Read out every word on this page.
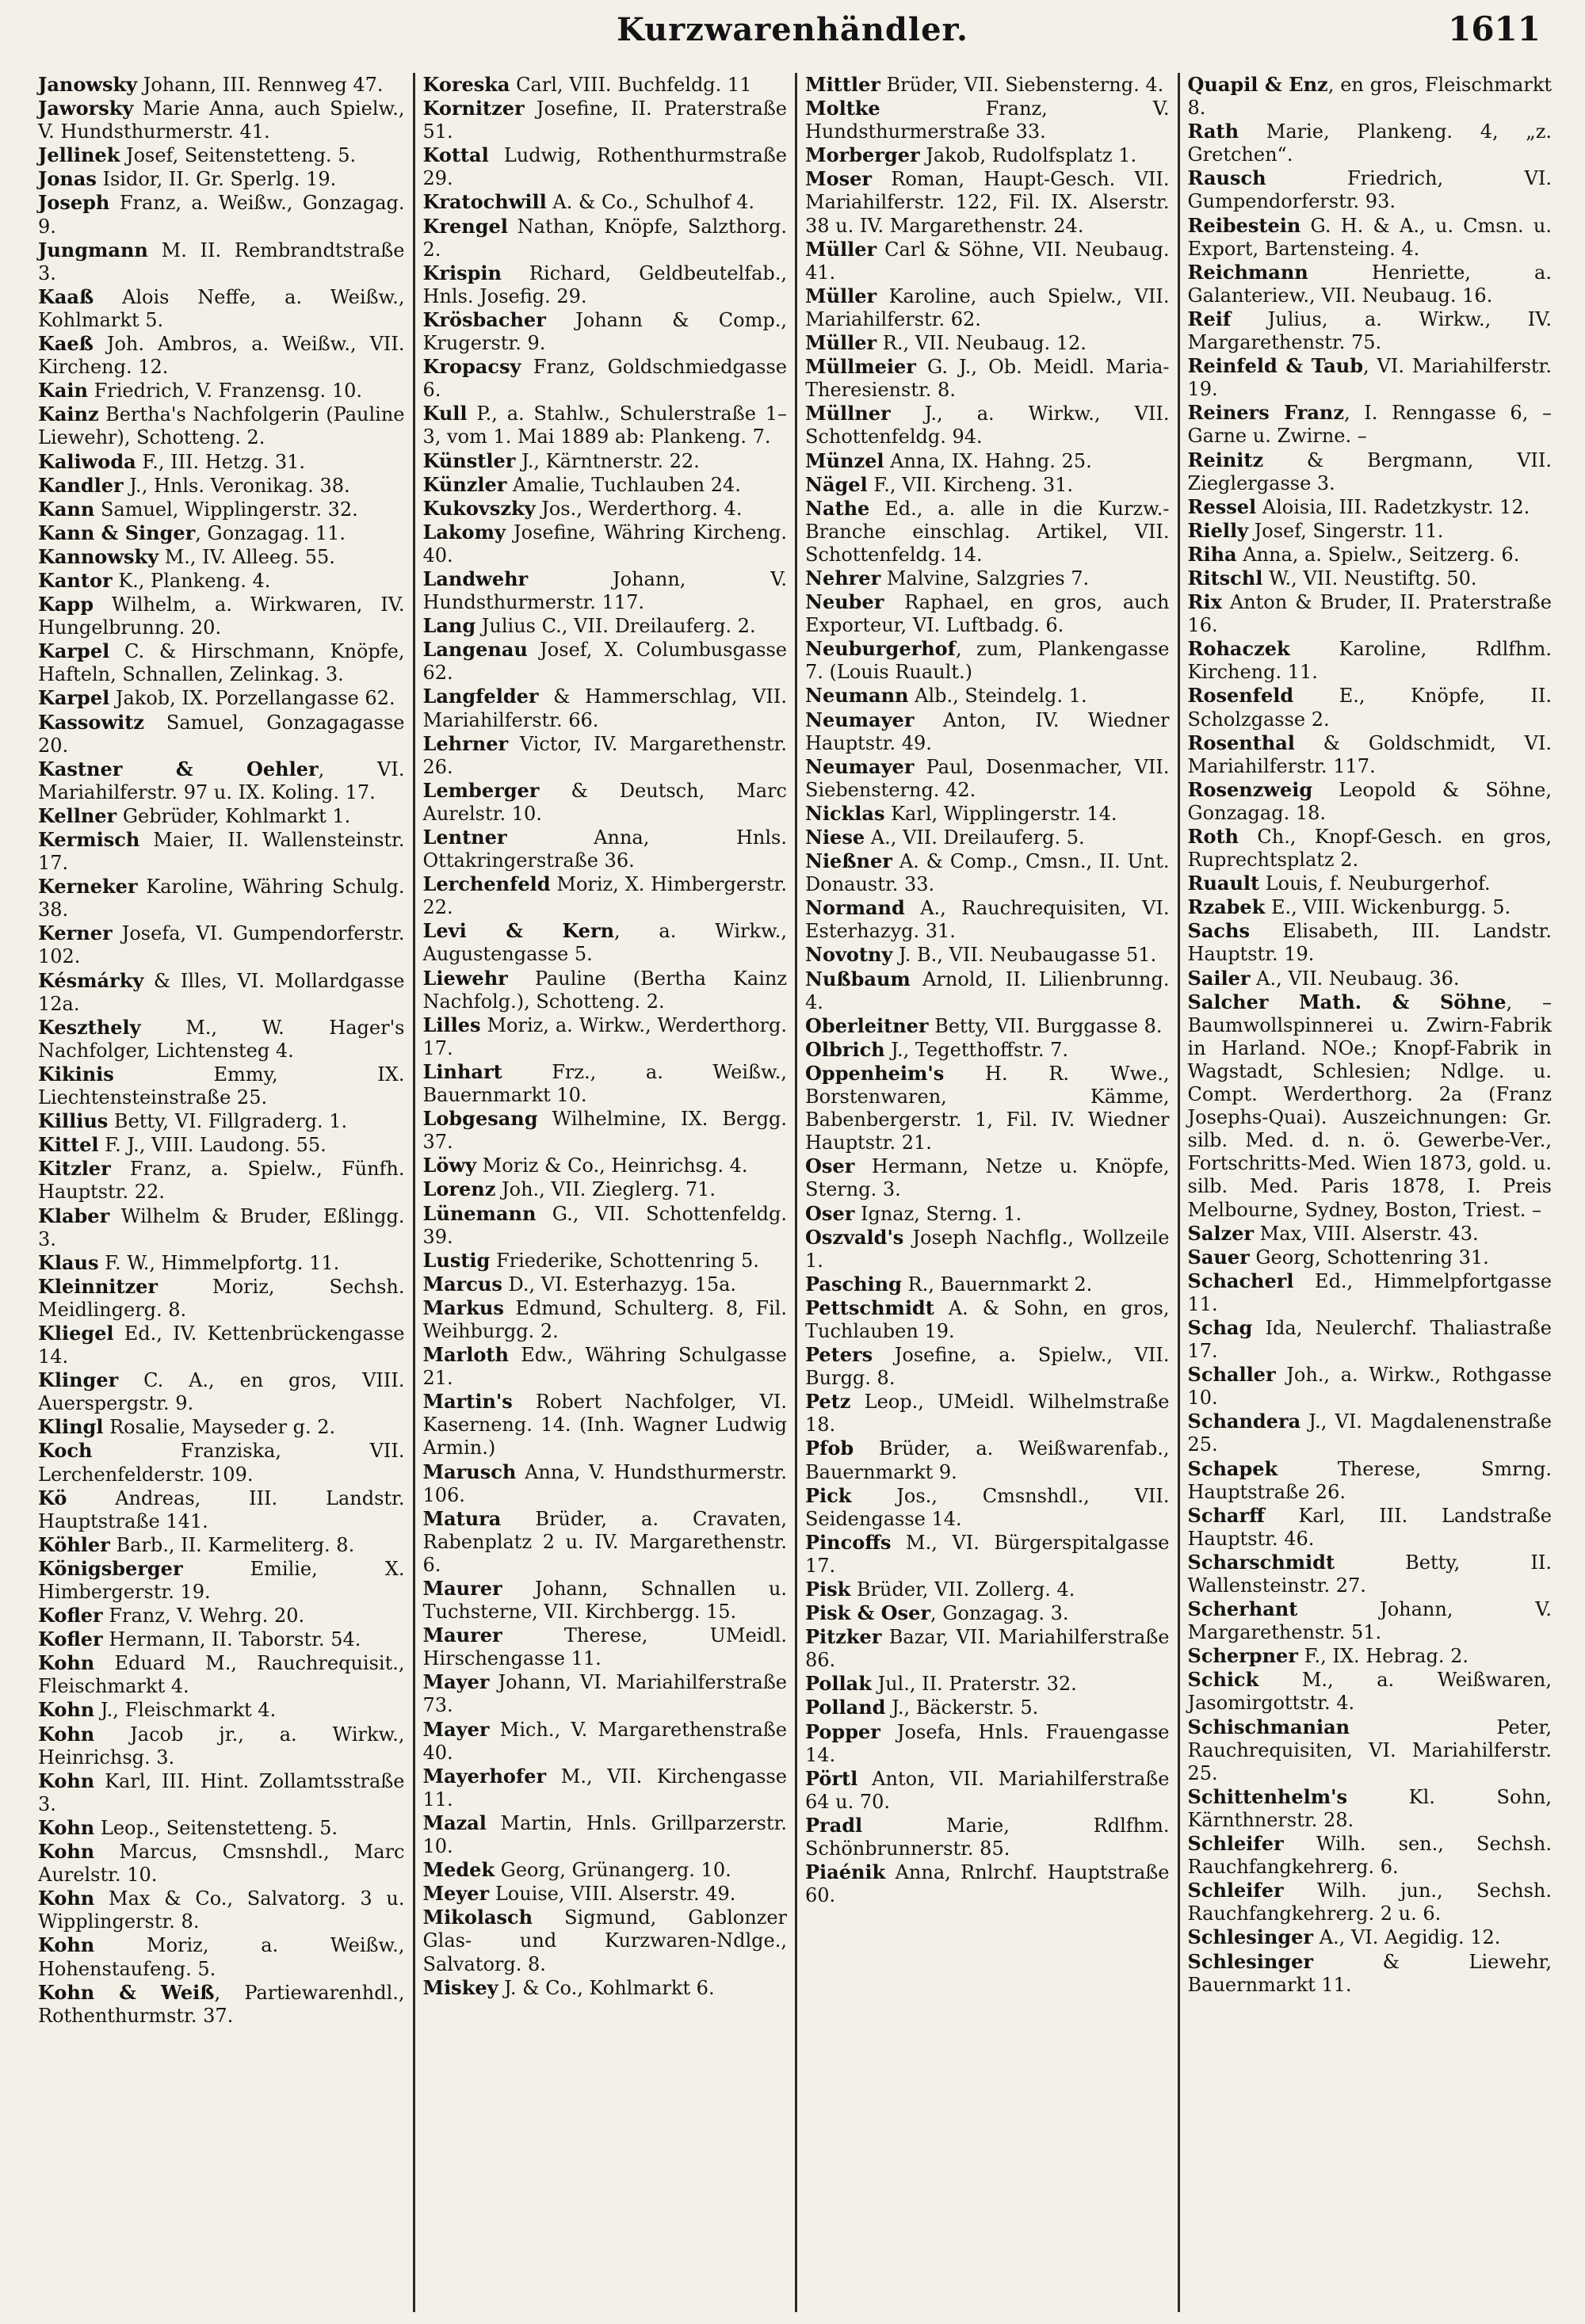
Kurzwarenhändler.	1611

Janowsky Johann, III. Rennweg 47.

Jaworsky Marie Anna, auch Spielw., V. Hundsthurmerstr. 41.

Jellinek Josef, Seitenstetteng. 5.

Jonas Isidor, II. Gr. Sperlg. 19.

Joseph Franz, a. Weißw., Gonzagag. 9.

Jungmann M. II. Rembrandtstraße 3.

Kaaß Alois Neffe, a. Weißw., Kohlmarkt 5.

Kaeß Joh. Ambros, a. Weißw., VII. Kircheng. 12.

Kain Friedrich, V. Franzensg. 10.

Kainz Bertha's Nachfolgerin (Pauline Liewehr), Schotteng. 2.

Kaliwoda F., III. Hetzg. 31.

Kandler J., Hnls. Veronikag. 38.

Kann Samuel, Wipplingerstr. 32.

Kann & Singer, Gonzagag. 11.

Kannowsky M., IV. Alleeg. 55.

Kantor K., Plankeng. 4.

Kapp Wilhelm, a. Wirkwaren, IV. Hungelbrunng. 20.

Karpel C. & Hirschmann, Knöpfe, Hafteln, Schnallen, Zelinkag. 3.

Karpel Jakob, IX. Porzellangasse 62.

Kassowitz Samuel, Gonzagagasse 20.

Kastner & Oehler, VI. Mariahilferstr. 97 u. IX. Koling. 17.

Kellner Gebrüder, Kohlmarkt 1.

Kermisch Maier, II. Wallensteinstr. 17.

Kerneker Karoline, Währing Schulg. 38.

Kerner Josefa, VI. Gumpendorferstr. 102.

Késmárky & Illes, VI. Mollardgasse 12a.

Keszthely M., W. Hager's Nachfolger, Lichtensteg 4.

Kikinis Emmy, IX. Liechtensteinstraße 25.

Killius Betty, VI. Fillgraderg. 1.

Kittel F. J., VIII. Laudong. 55.

Kitzler Franz, a. Spielw., Fünfh. Hauptstr. 22.

Klaber Wilhelm & Bruder, Eßlingg. 3.

Klaus F. W., Himmelpfortg. 11.

Kleinnitzer Moriz, Sechsh. Meidlingerg. 8.

Kliegel Ed., IV. Kettenbrückengasse 14.

Klinger C. A., en gros, VIII. Auerspergstr. 9.

Klingl Rosalie, Mayseder g. 2.

Koch Franziska, VII. Lerchenfelderstr. 109.

Kö Andreas, III. Landstr. Hauptstraße 141.

Köhler Barb., II. Karmeliterg. 8.

Königsberger Emilie, X. Himbergerstr. 19.

Kofler Franz, V. Wehrg. 20.

Kofler Hermann, II. Taborstr. 54.

Kohn Eduard M., Rauchrequisit., Fleischmarkt 4.

Kohn J., Fleischmarkt 4.

Kohn Jacob jr., a. Wirkw., Heinrichsg. 3.

Kohn Karl, III. Hint. Zollamtsstraße 3.

Kohn Leop., Seitenstetteng. 5.

Kohn Marcus, Cmsnshdl., Marc Aurelstr. 10.

Kohn Max & Co., Salvatorg. 3 u. Wipplingerstr. 8.

Kohn Moriz, a. Weißw., Hohenstaufeng. 5.

Kohn & Weiß, Partiewarenhdl., Rothenthurmstr. 37.

Koreska Carl, VIII. Buchfeldg. 11

Kornitzer Josefine, II. Praterstraße 51.

Kottal Ludwig, Rothenthurmstraße 29.

Kratochwill A. & Co., Schulhof 4.

Krengel Nathan, Knöpfe, Salzthorg. 2.

Krispin Richard, Geldbeutelfab., Hnls. Josefig. 29.

Krösbacher Johann & Comp., Krugerstr. 9.

Kropacsy Franz, Goldschmiedgasse 6.

Kull P., a. Stahlw., Schulerstraße 1–3, vom 1. Mai 1889 ab: Plankeng. 7.

Künstler J., Kärntnerstr. 22.

Künzler Amalie, Tuchlauben 24.

Kukovszky Jos., Werderthorg. 4.

Lakomy Josefine, Währing Kircheng. 40.

Landwehr Johann, V. Hundsthurmerstr. 117.

Lang Julius C., VII. Dreilauferg. 2.

Langenau Josef, X. Columbusgasse 62.

Langfelder & Hammerschlag, VII. Mariahilferstr. 66.

Lehrner Victor, IV. Margarethenstr. 26.

Lemberger & Deutsch, Marc Aurelstr. 10.

Lentner Anna, Hnls. Ottakringerstraße 36.

Lerchenfeld Moriz, X. Himbergerstr. 22.

Levi & Kern, a. Wirkw., Augustengasse 5.

Liewehr Pauline (Bertha Kainz Nachfolg.), Schotteng. 2.

Lilles Moriz, a. Wirkw., Werderthorg. 17.

Linhart Frz., a. Weißw., Bauernmarkt 10.

Lobgesang Wilhelmine, IX. Bergg. 37.

Löwy Moriz & Co., Heinrichsg. 4.

Lorenz Joh., VII. Zieglerg. 71.

Lünemann G., VII. Schottenfeldg. 39.

Lustig Friederike, Schottenring 5.

Marcus D., VI. Esterhazyg. 15a.

Markus Edmund, Schulterg. 8, Fil. Weihburgg. 2.

Marloth Edw., Währing Schulgasse 21.

Martin's Robert Nachfolger, VI. Kaserneng. 14. (Inh. Wagner Ludwig Armin.)

Marusch Anna, V. Hundsthurmerstr. 106.

Matura Brüder, a. Cravaten, Rabenplatz 2 u. IV. Margarethenstr. 6.

Maurer Johann, Schnallen u. Tuchsterne, VII. Kirchbergg. 15.

Maurer Therese, UMeidl. Hirschengasse 11.

Mayer Johann, VI. Mariahilferstraße 73.

Mayer Mich., V. Margarethenstraße 40.

Mayerhofer M., VII. Kirchengasse 11.

Mazal Martin, Hnls. Grillparzerstr. 10.

Medek Georg, Grünangerg. 10.

Meyer Louise, VIII. Alserstr. 49.

Mikolasch Sigmund, Gablonzer Glas- und Kurzwaren-Ndlge., Salvatorg. 8.

Miskey J. & Co., Kohlmarkt 6.

Mittler Brüder, VII. Siebensterng. 4.

Moltke Franz, V. Hundsthurmerstraße 33.

Morberger Jakob, Rudolfsplatz 1.

Moser Roman, Haupt-Gesch. VII. Mariahilferstr. 122, Fil. IX. Alserstr. 38 u. IV. Margarethenstr. 24.

Müller Carl & Söhne, VII. Neubaug. 41.

Müller Karoline, auch Spielw., VII. Mariahilferstr. 62.

Müller R., VII. Neubaug. 12.

Müllmeier G. J., Ob. Meidl. Maria-Theresienstr. 8.

Müllner J., a. Wirkw., VII. Schottenfeldg. 94.

Münzel Anna, IX. Hahng. 25.

Nägel F., VII. Kircheng. 31.

Nathe Ed., a. alle in die Kurzw.-Branche einschlag. Artikel, VII. Schottenfeldg. 14.

Nehrer Malvine, Salzgries 7.

Neuber Raphael, en gros, auch Exporteur, VI. Luftbadg. 6.

Neuburgerhof, zum, Plankengasse 7. (Louis Ruault.)

Neumann Alb., Steindelg. 1.

Neumayer Anton, IV. Wiedner Hauptstr. 49.

Neumayer Paul, Dosenmacher, VII. Siebensterng. 42.

Nicklas Karl, Wipplingerstr. 14.

Niese A., VII. Dreilauferg. 5.

Nießner A. & Comp., Cmsn., II. Unt. Donaustr. 33.

Normand A., Rauchrequisiten, VI. Esterhazyg. 31.

Novotny J. B., VII. Neubaugasse 51.

Nußbaum Arnold, II. Lilienbrunng. 4.

Oberleitner Betty, VII. Burggasse 8.

Olbrich J., Tegetthoffstr. 7.

Oppenheim's H. R. Wwe., Borstenwaren, Kämme, Babenbergerstr. 1, Fil. IV. Wiedner Hauptstr. 21.

Oser Hermann, Netze u. Knöpfe, Sterng. 3.

Oser Ignaz, Sterng. 1.

Oszvald's Joseph Nachflg., Wollzeile 1.

Pasching R., Bauernmarkt 2.

Pettschmidt A. & Sohn, en gros, Tuchlauben 19.

Peters Josefine, a. Spielw., VII. Burgg. 8.

Petz Leop., UMeidl. Wilhelmstraße 18.

Pfob Brüder, a. Weißwarenfab., Bauernmarkt 9.

Pick Jos., Cmsnshdl., VII. Seidengasse 14.

Pincoffs M., VI. Bürgerspitalgasse 17.

Pisk Brüder, VII. Zollerg. 4.

Pisk & Oser, Gonzagag. 3.

Pitzker Bazar, VII. Mariahilferstraße 86.

Pollak Jul., II. Praterstr. 32.

Polland J., Bäckerstr. 5.

Popper Josefa, Hnls. Frauengasse 14.

Pörtl Anton, VII. Mariahilferstraße 64 u. 70.

Pradl Marie, Rdlfhm. Schönbrunnerstr. 85.

Piaénik Anna, Rnlrchf. Hauptstraße 60.

Quapil & Enz, en gros, Fleischmarkt 8.

Rath Marie, Plankeng. 4, „z. Gretchen“.

Rausch Friedrich, VI. Gumpendorferstr. 93.

Reibestein G. H. & A., u. Cmsn. u. Export, Bartensteing. 4.

Reichmann Henriette, a. Galanteriew., VII. Neubaug. 16.

Reif Julius, a. Wirkw., IV. Margarethenstr. 75.

Reinfeld & Taub, VI. Mariahilferstr. 19.

Reiners Franz, I. Renngasse 6, – Garne u. Zwirne. –

Reinitz & Bergmann, VII. Zieglergasse 3.

Ressel Aloisia, III. Radetzkystr. 12.

Rielly Josef, Singerstr. 11.

Riha Anna, a. Spielw., Seitzerg. 6.

Ritschl W., VII. Neustiftg. 50.

Rix Anton & Bruder, II. Praterstraße 16.

Rohaczek Karoline, Rdlfhm. Kircheng. 11.

Rosenfeld E., Knöpfe, II. Scholzgasse 2.

Rosenthal & Goldschmidt, VI. Mariahilferstr. 117.

Rosenzweig Leopold & Söhne, Gonzagag. 18.

Roth Ch., Knopf-Gesch. en gros, Ruprechtsplatz 2.

Ruault Louis, f. Neuburgerhof.

Rzabek E., VIII. Wickenburgg. 5.

Sachs Elisabeth, III. Landstr. Hauptstr. 19.

Sailer A., VII. Neubaug. 36.

Salcher Math. & Söhne, – Baumwollspinnerei u. Zwirn-Fabrik in Harland. NOe.; Knopf-Fabrik in Wagstadt, Schlesien; Ndlge. u. Compt. Werderthorg. 2a (Franz Josephs-Quai). Auszeichnungen: Gr. silb. Med. d. n. ö. Gewerbe-Ver., Fortschritts-Med. Wien 1873, gold. u. silb. Med. Paris 1878, I. Preis Melbourne, Sydney, Boston, Triest. –

Salzer Max, VIII. Alserstr. 43.

Sauer Georg, Schottenring 31.

Schacherl Ed., Himmelpfortgasse 11.

Schag Ida, Neulerchf. Thaliastraße 17.

Schaller Joh., a. Wirkw., Rothgasse 10.

Schandera J., VI. Magdalenenstraße 25.

Schapek Therese, Smrng. Hauptstraße 26.

Scharff Karl, III. Landstraße Hauptstr. 46.

Scharschmidt Betty, II. Wallensteinstr. 27.

Scherhant Johann, V. Margarethenstr. 51.

Scherpner F., IX. Hebrag. 2.

Schick M., a. Weißwaren, Jasomirgottstr. 4.

Schischmanian Peter, Rauchrequisiten, VI. Mariahilferstr. 25.

Schittenhelm's Kl. Sohn, Kärnthnerstr. 28.

Schleifer Wilh. sen., Sechsh. Rauchfangkehrerg. 6.

Schleifer Wilh. jun., Sechsh. Rauchfangkehrerg. 2 u. 6.

Schlesinger A., VI. Aegidig. 12.

Schlesinger & Liewehr, Bauernmarkt 11.
